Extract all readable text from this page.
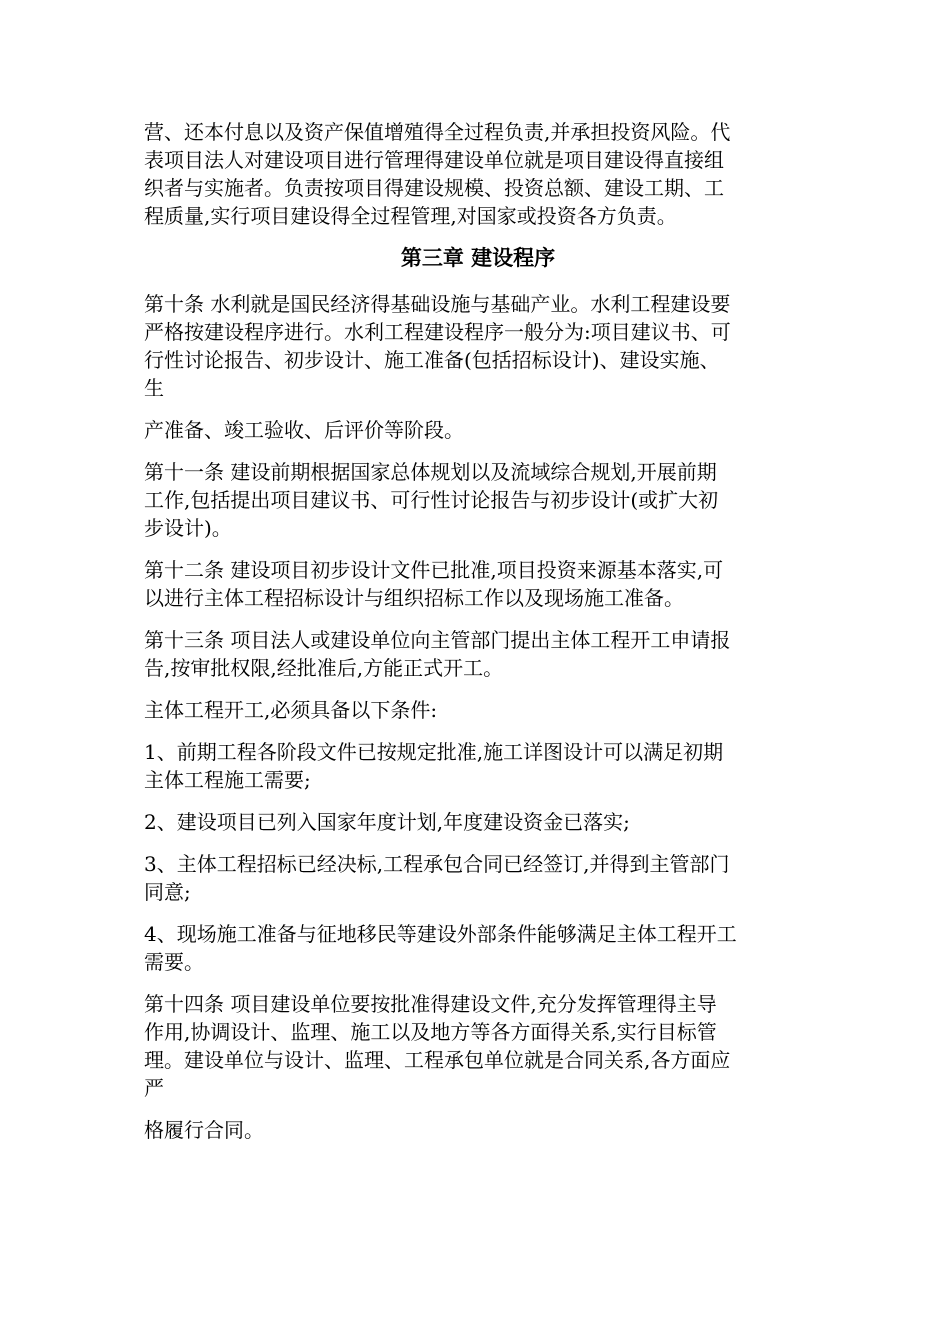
营、还本付息以及资产保值增殖得全过程负责,并承担投资风险。代
表项目法人对建设项目进行管理得建设单位就是项目建设得直接组
织者与实施者。负责按项目得建设规模、投资总额、建设工期、工
程质量,实行项目建设得全过程管理,对国家或投资各方负责。

第三章 建设程序

第十条 水利就是国民经济得基础设施与基础产业。水利工程建设要
严格按建设程序进行。水利工程建设程序一般分为:项目建议书、可
行性讨论报告、初步设计、施工准备(包括招标设计)、建设实施、
生

产准备、竣工验收、后评价等阶段。

第十一条 建设前期根据国家总体规划以及流域综合规划,开展前期
工作,包括提出项目建议书、可行性讨论报告与初步设计(或扩大初
步设计)。

第十二条 建设项目初步设计文件已批准,项目投资来源基本落实,可
以进行主体工程招标设计与组织招标工作以及现场施工准备。

第十三条 项目法人或建设单位向主管部门提出主体工程开工申请报
告,按审批权限,经批准后,方能正式开工。

主体工程开工,必须具备以下条件:

1、前期工程各阶段文件已按规定批准,施工详图设计可以满足初期
主体工程施工需要;

2、建设项目已列入国家年度计划,年度建设资金已落实;

3、主体工程招标已经决标,工程承包合同已经签订,并得到主管部门
同意;

4、现场施工准备与征地移民等建设外部条件能够满足主体工程开工
需要。

第十四条 项目建设单位要按批准得建设文件,充分发挥管理得主导
作用,协调设计、监理、施工以及地方等各方面得关系,实行目标管
理。建设单位与设计、监理、工程承包单位就是合同关系,各方面应
严

格履行合同。
